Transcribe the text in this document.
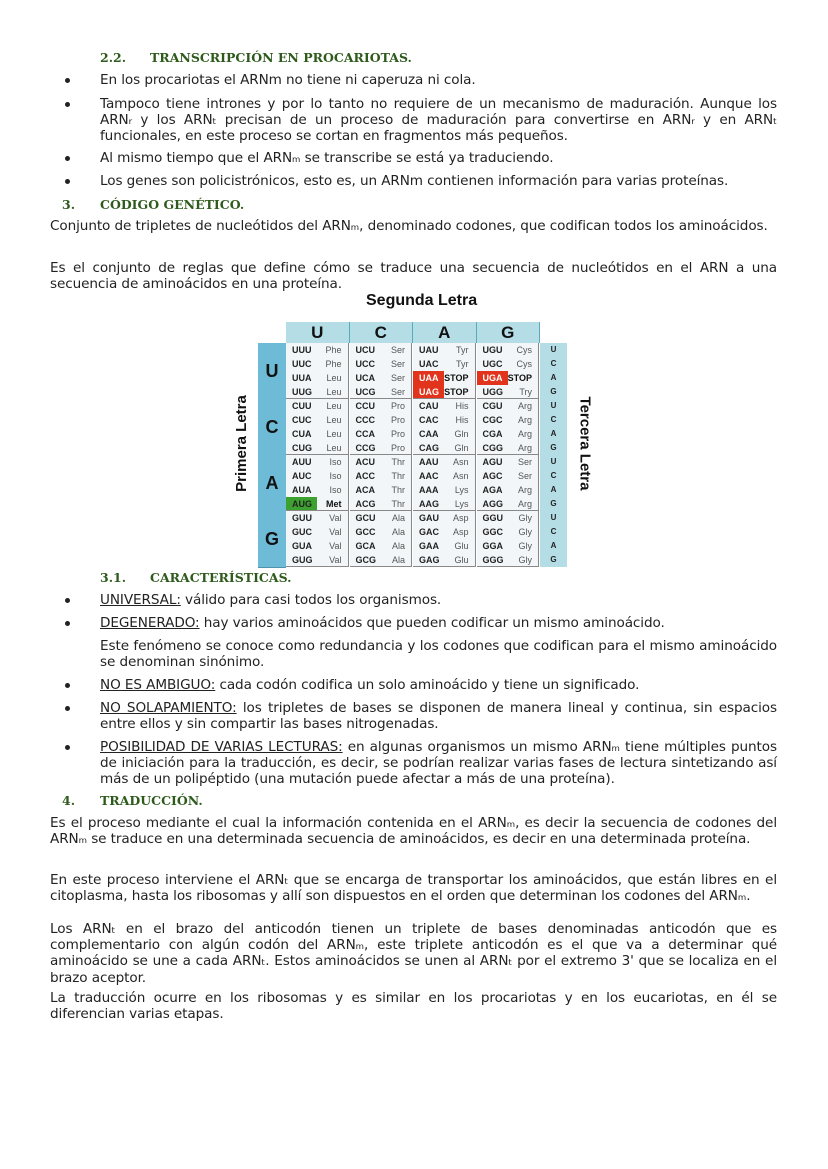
2.2. TRANSCRIPCIÓN EN PROCARIOTAS.
En los procariotas el ARNm no tiene ni caperuza ni cola.
Tampoco tiene intrones y por lo tanto no requiere de un mecanismo de maduración. Aunque los ARNᵣ y los ARNₜ precisan de un proceso de maduración para convertirse en ARNᵣ y en ARNₜ funcionales, en este proceso se cortan en fragmentos más pequeños.
Al mismo tiempo que el ARNₘ se transcribe se está ya traduciendo.
Los genes son policistrónicos, esto es, un ARNm contienen información para varias proteínas.
3. CÓDIGO GENÉTICO.
Conjunto de tripletes de nucleótidos del ARNₘ, denominado codones, que codifican todos los aminoácidos.
Es el conjunto de reglas que define cómo se traduce una secuencia de nucleótidos en el ARN a una secuencia de aminoácidos en una proteína.
Segunda Letra
Primera Letra	Tercera Letra
U	C	A	G
U
C
A
G
UUU	Phe	UCU	Ser	UAU	Tyr	UGU	Cys	U
UUC	Phe	UCC	Ser	UAC	Tyr	UGC	Cys	C
UUA	Leu	UCA	Ser	UAA STOP	UGA STOP	A
UUG	Leu	UCG	Ser	UAG STOP	UGG	Try	G
CUU	Leu	CCU	Pro	CAU	His	CGU	Arg	U
CUC	Leu	CCC	Pro	CAC	His	CGC	Arg	C
CUA	Leu	CCA	Pro	CAA	Gln	CGA	Arg	A
CUG	Leu	CCG	Pro	CAG	Gln	CGG	Arg	G
AUU	Iso	ACU	Thr	AAU	Asn	AGU	Ser	U
AUC	Iso	ACC	Thr	AAC	Asn	AGC	Ser	C
AUA	Iso	ACA	Thr	AAA	Lys	AGA	Arg	A
AUG	Met	ACG	Thr	AAG	Lys	AGG	Arg	G
GUU	Val	GCU	Ala	GAU	Asp	GGU	Gly	U
GUC	Val	GCC	Ala	GAC	Asp	GGC	Gly	C
GUA	Val	GCA	Ala	GAA	Glu	GGA	Gly	A
GUG	Val	GCG	Ala	GAG	Glu	GGG	Gly	G
3.1. CARACTERÍSTICAS.
UNIVERSAL: válido para casi todos los organismos.
DEGENERADO: hay varios aminoácidos que pueden codificar un mismo aminoácido.
Este fenómeno se conoce como redundancia y los codones que codifican para el mismo aminoácido se denominan sinónimo.
NO ES AMBIGUO: cada codón codifica un solo aminoácido y tiene un significado.
NO SOLAPAMIENTO: los tripletes de bases se disponen de manera lineal y continua, sin espacios entre ellos y sin compartir las bases nitrogenadas.
POSIBILIDAD DE VARIAS LECTURAS: en algunas organismos un mismo ARNₘ tiene múltiples puntos de iniciación para la traducción, es decir, se podrían realizar varias fases de lectura sintetizando así más de un polipéptido (una mutación puede afectar a más de una proteína).
4. TRADUCCIÓN.
Es el proceso mediante el cual la información contenida en el ARNₘ, es decir la secuencia de codones del ARNₘ se traduce en una determinada secuencia de aminoácidos, es decir en una determinada proteína.
En este proceso interviene el ARNₜ que se encarga de transportar los aminoácidos, que están libres en el citoplasma, hasta los ribosomas y allí son dispuestos en el orden que determinan los codones del ARNₘ.
Los ARNₜ en el brazo del anticodón tienen un triplete de bases denominadas anticodón que es complementario con algún codón del ARNₘ, este triplete anticodón es el que va a determinar qué aminoácido se une a cada ARNₜ. Estos aminoácidos se unen al ARNₜ por el extremo 3' que se localiza en el brazo aceptor.
La traducción ocurre en los ribosomas y es similar en los procariotas y en los eucariotas, en él se diferencian varias etapas.
